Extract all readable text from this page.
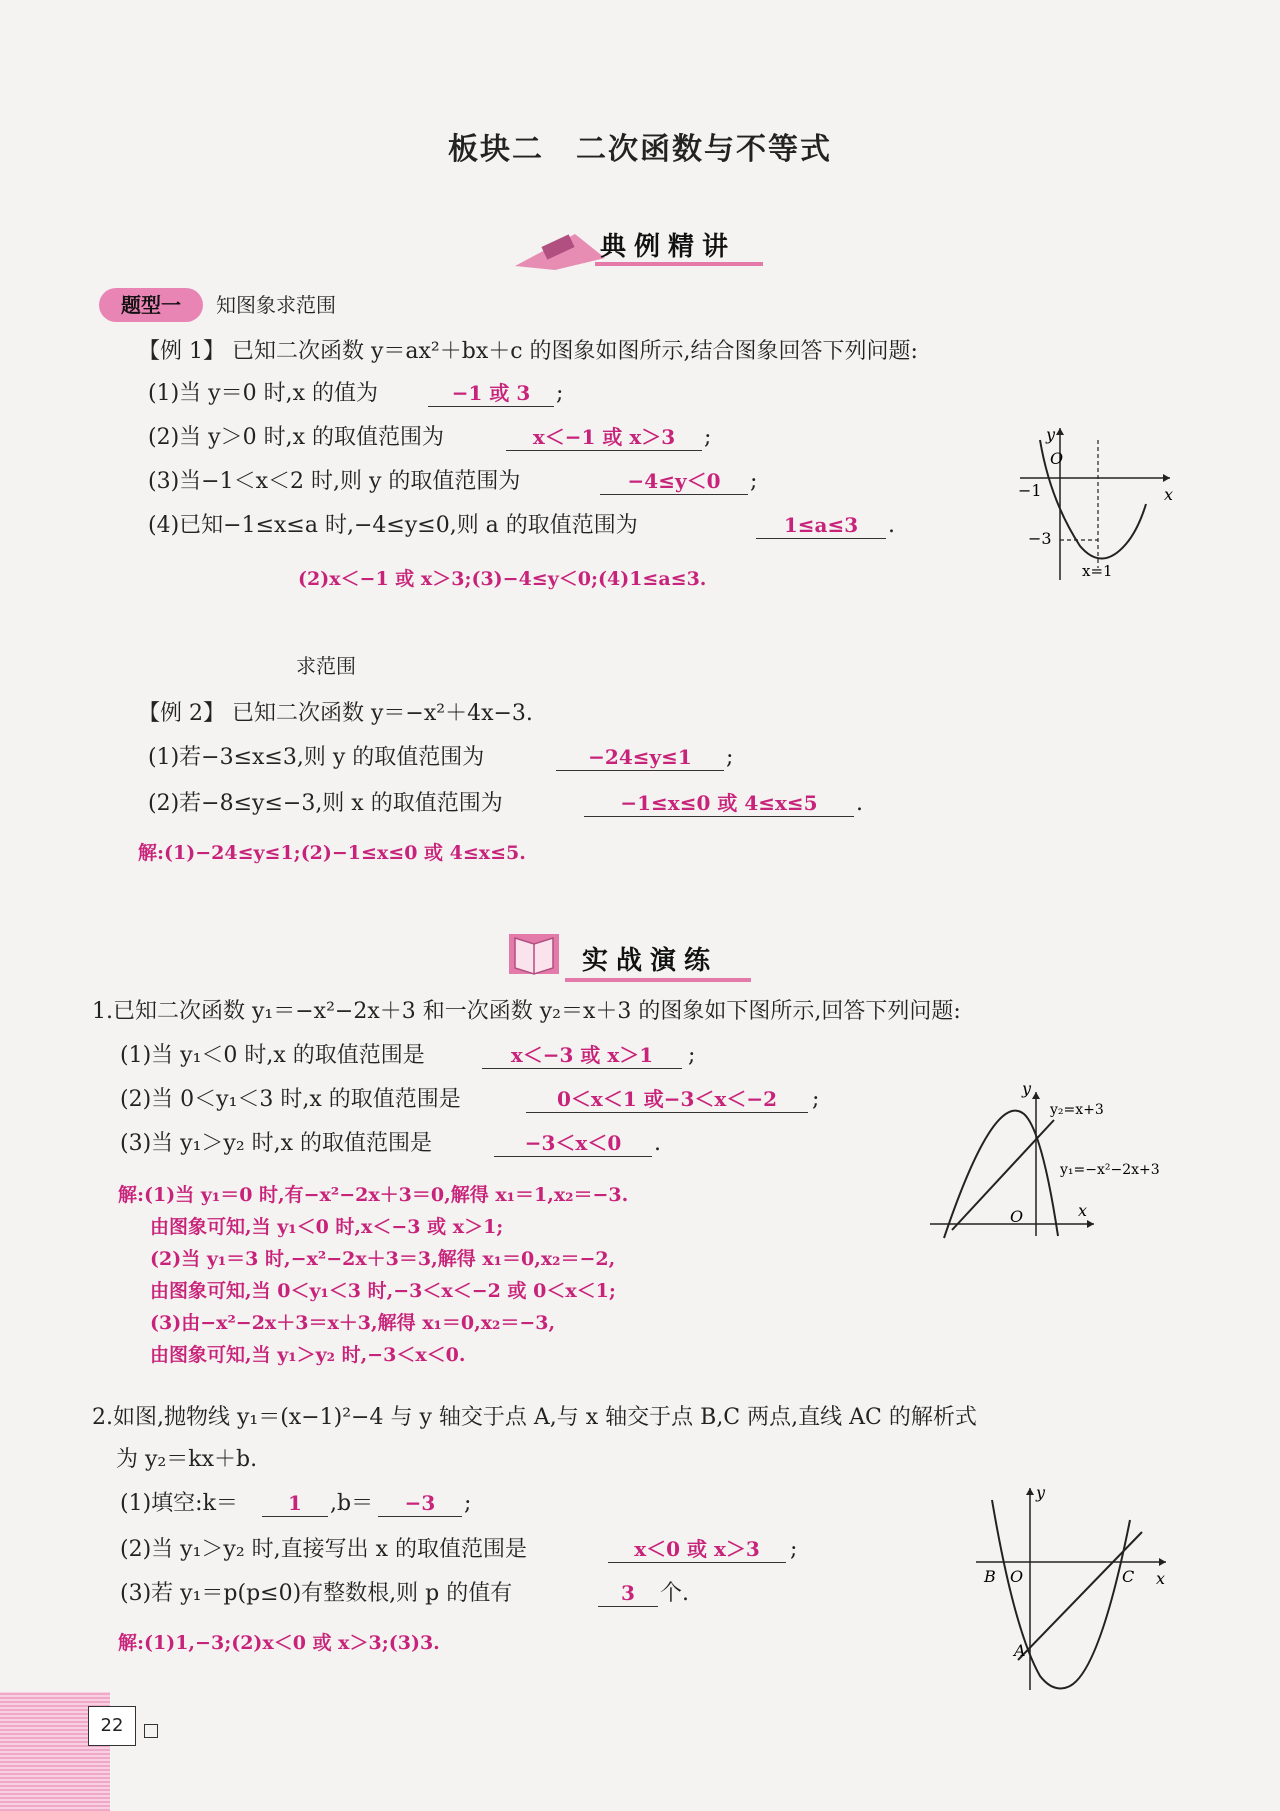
板块二　二次函数与不等式
典例精讲
题型一	知图象求范围
【例 1】 已知二次函数 y＝ax²＋bx＋c 的图象如图所示,结合图象回答下列问题:
(1)当 y＝0 时,x 的值为	−1 或 3	;
(2)当 y＞0 时,x 的取值范围为	x＜−1 或 x＞3	;
(3)当−1＜x＜2 时,则 y 的取值范围为	−4≤y＜0	;
(4)已知−1≤x≤a 时,−4≤y≤0,则 a 的取值范围为	1≤a≤3	.
(2)x＜−1 或 x＞3;(3)−4≤y＜0;(4)1≤a≤3.
−1
O
x
y
−3
x=1
求范围
【例 2】 已知二次函数 y＝−x²＋4x−3.
(1)若−3≤x≤3,则 y 的取值范围为	−24≤y≤1	;
(2)若−8≤y≤−3,则 x 的取值范围为	−1≤x≤0 或 4≤x≤5	.
解:(1)−24≤y≤1;(2)−1≤x≤0 或 4≤x≤5.
实战演练
1.已知二次函数 y₁＝−x²−2x＋3 和一次函数 y₂＝x＋3 的图象如下图所示,回答下列问题:
(1)当 y₁＜0 时,x 的取值范围是	x＜−3 或 x＞1	;
(2)当 0＜y₁＜3 时,x 的取值范围是	0＜x＜1 或−3＜x＜−2	;
(3)当 y₁＞y₂ 时,x 的取值范围是	−3＜x＜0	.
解:(1)当 y₁＝0 时,有−x²−2x＋3＝0,解得 x₁＝1,x₂＝−3.
由图象可知,当 y₁＜0 时,x＜−3 或 x＞1;
(2)当 y₁＝3 时,−x²−2x＋3＝3,解得 x₁＝0,x₂＝−2,
由图象可知,当 0＜y₁＜3 时,−3＜x＜−2 或 0＜x＜1;
(3)由−x²−2x＋3＝x＋3,解得 x₁＝0,x₂＝−3,
由图象可知,当 y₁＞y₂ 时,−3＜x＜0.
y
x
O
y₂=x+3
y₁=−x²−2x+3
2.如图,抛物线 y₁＝(x−1)²−4 与 y 轴交于点 A,与 x 轴交于点 B,C 两点,直线 AC 的解析式
为 y₂＝kx＋b.
(1)填空:k＝	1	,b＝	−3	;
(2)当 y₁＞y₂ 时,直接写出 x 的取值范围是	x＜0 或 x＞3	;
(3)若 y₁＝p(p≤0)有整数根,则 p 的值有	3	个.
解:(1)1,−3;(2)x＜0 或 x＞3;(3)3.
y
x
B O	C
A
22
